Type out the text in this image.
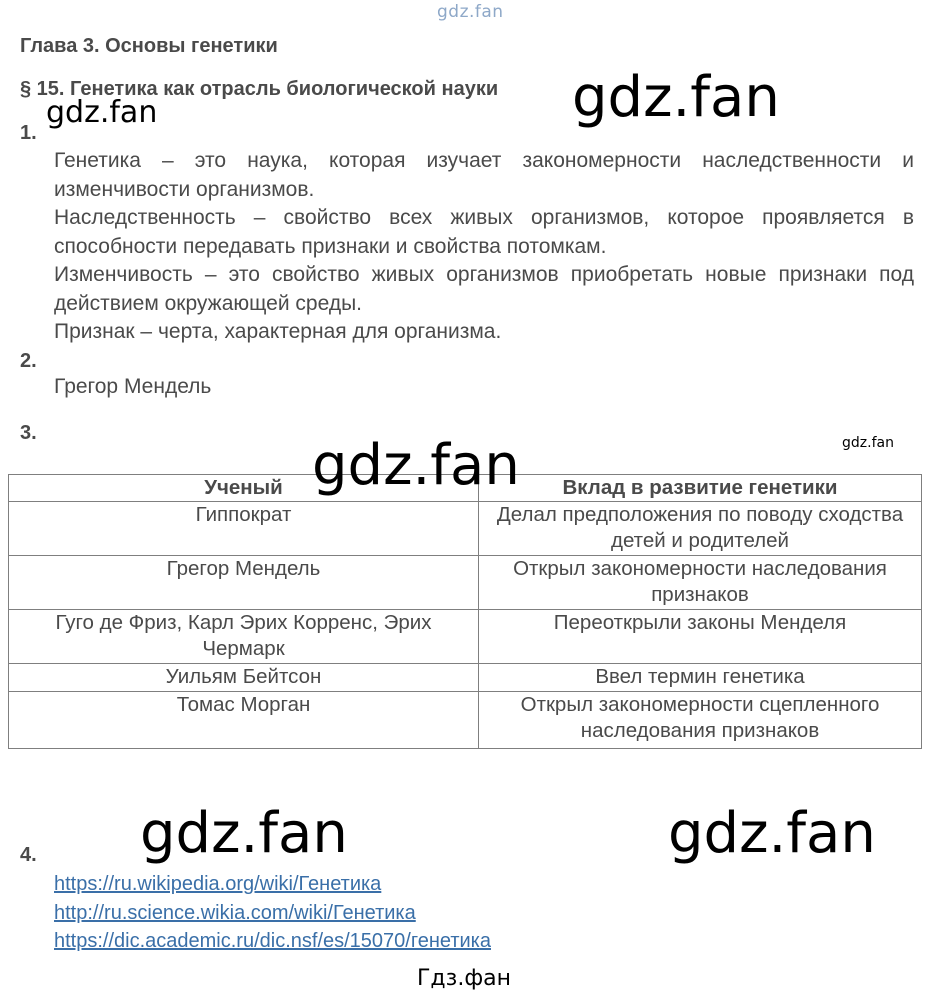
gdz.fan
Глава 3. Основы генетики
§ 15. Генетика как отрасль биологической науки
1.
Генетика – это наука, которая изучает закономерности наследственности и изменчивости организмов.
Наследственность – свойство всех живых организмов, которое проявляется в способности передавать признаки и свойства потомкам.
Изменчивость – это свойство живых организмов приобретать новые признаки под действием окружающей среды.
Признак – черта, характерная для организма.
2.
Грегор Мендель
3.
Ученый	Вклад в развитие генетики
Гиппократ	Делал предположения по поводу сходства детей и родителей
Грегор Мендель	Открыл закономерности наследования признаков
Гуго де Фриз, Карл Эрих Корренс, Эрих Чермарк	Переоткрыли законы Менделя
Уильям Бейтсон	Ввел термин генетика
Томас Морган	Открыл закономерности сцепленного наследования признаков
4.
https://ru.wikipedia.org/wiki/Генетика
http://ru.science.wikia.com/wiki/Генетика
https://dic.academic.ru/dic.nsf/es/15070/генетика
gdz.fan
gdz.fan
gdz.fan	gdz.fan
gdz.fan	gdz.fan
Гдз.фан
